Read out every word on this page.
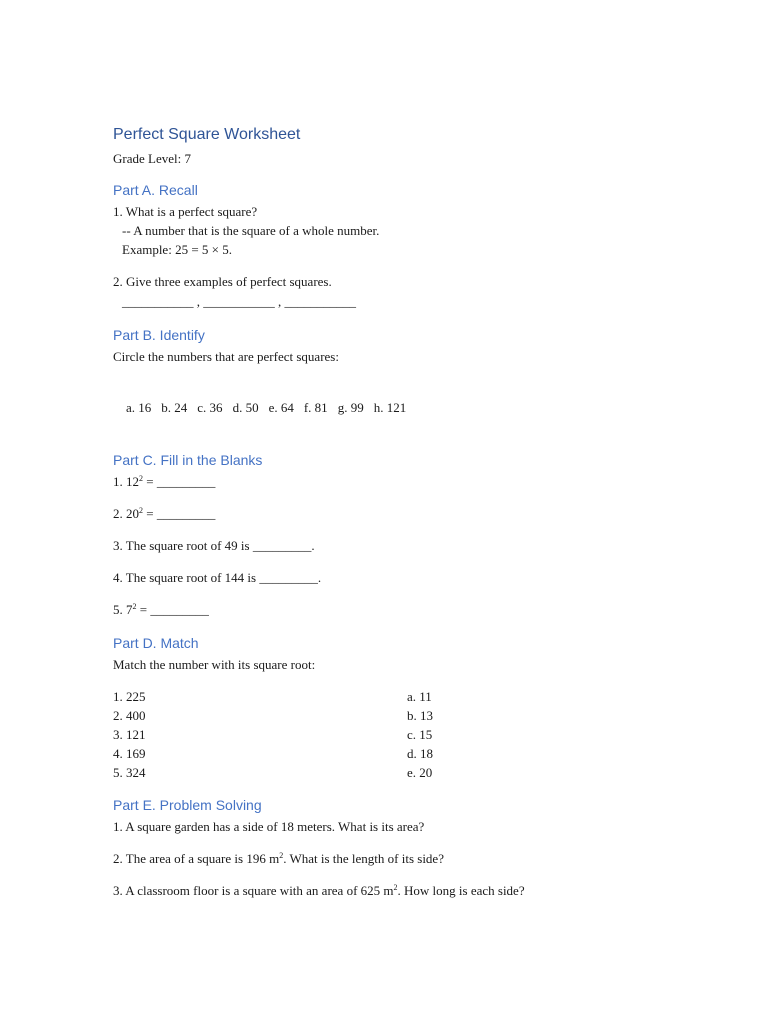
Perfect Square Worksheet

Grade Level: 7

Part A. Recall

1. What is a perfect square?

-- A number that is the square of a whole number.

Example: 25 = 5 × 5.

2. Give three examples of perfect squares.

___________ , ___________ , ___________

Part B. Identify

Circle the numbers that are perfect squares:

a. 16 b. 24 c. 36 d. 50 e. 64 f. 81 g. 99 h. 121

Part C. Fill in the Blanks

1. $12^2$ = _________

2. $20^2$ = _________

3. The square root of 49 is _________.

4. The square root of 144 is _________.

5. $7^2$ = _________

Part D. Match

Match the number with its square root:

1. 225
2. 400
3. 121
4. 169
5. 324
a. 11
b. 13
c. 15
d. 18
e. 20

Part E. Problem Solving

1. A square garden has a side of 18 meters. What is its area?

2. The area of a square is 196 $m^2$. What is the length of its side?

3. A classroom floor is a square with an area of 625 $m^2$. How long is each side?
